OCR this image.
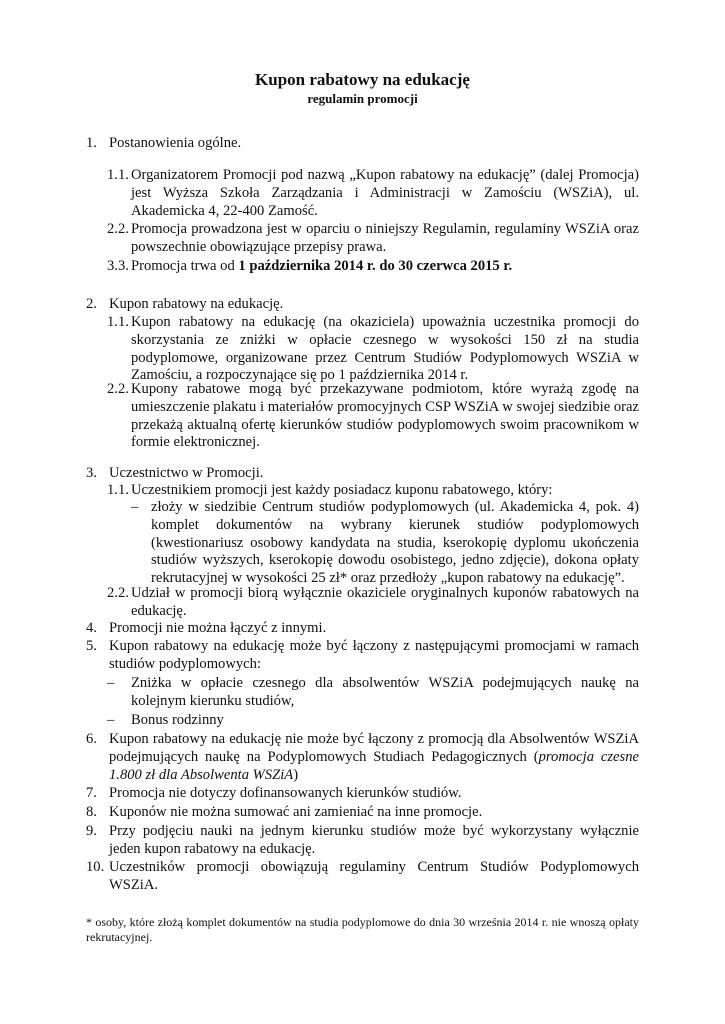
Kupon rabatowy na edukację
regulamin promocji
1. Postanowienia ogólne.
1.1. Organizatorem Promocji pod nazwą „Kupon rabatowy na edukację” (dalej Promocja) jest Wyższa Szkoła Zarządzania i Administracji w Zamościu (WSZiA), ul. Akademicka 4, 22-400 Zamość.
2.2. Promocja prowadzona jest w oparciu o niniejszy Regulamin, regulaminy WSZiA oraz powszechnie obowiązujące przepisy prawa.
3.3. Promocja trwa od 1 października 2014 r. do 30 czerwca 2015 r.
2. Kupon rabatowy na edukację.
1.1. Kupon rabatowy na edukację (na okaziciela) upoważnia uczestnika promocji do skorzystania ze zniżki w opłacie czesnego w wysokości 150 zł na studia podyplomowe, organizowane przez Centrum Studiów Podyplomowych WSZiA w Zamościu, a rozpoczynające się po 1 października 2014 r.
2.2. Kupony rabatowe mogą być przekazywane podmiotom, które wyrażą zgodę na umieszczenie plakatu i materiałów promocyjnych CSP WSZiA w swojej siedzibie oraz przekażą aktualną ofertę kierunków studiów podyplomowych swoim pracownikom w formie elektronicznej.
3. Uczestnictwo w Promocji.
1.1. Uczestnikiem promocji jest każdy posiadacz kuponu rabatowego, który:
– złoży w siedzibie Centrum studiów podyplomowych (ul. Akademicka 4, pok. 4) komplet dokumentów na wybrany kierunek studiów podyplomowych (kwestionariusz osobowy kandydata na studia, kserokopię dyplomu ukończenia studiów wyższych, kserokopię dowodu osobistego, jedno zdjęcie), dokona opłaty rekrutacyjnej w wysokości 25 zł* oraz przedłoży „kupon rabatowy na edukację”.
2.2. Udział w promocji biorą wyłącznie okaziciele oryginalnych kuponów rabatowych na edukację.
4. Promocji nie można łączyć z innymi.
5. Kupon rabatowy na edukację może być łączony z następującymi promocjami w ramach studiów podyplomowych:
– Zniżka w opłacie czesnego dla absolwentów WSZiA podejmujących naukę na kolejnym kierunku studiów,
– Bonus rodzinny
6. Kupon rabatowy na edukację nie może być łączony z promocją dla Absolwentów WSZiA podejmujących naukę na Podyplomowych Studiach Pedagogicznych (promocja czesne 1.800 zł dla Absolwenta WSZiA)
7. Promocja nie dotyczy dofinansowanych kierunków studiów.
8. Kuponów nie można sumować ani zamieniać na inne promocje.
9. Przy podjęciu nauki na jednym kierunku studiów może być wykorzystany wyłącznie jeden kupon rabatowy na edukację.
10. Uczestników promocji obowiązują regulaminy Centrum Studiów Podyplomowych WSZiA.
* osoby, które złożą komplet dokumentów na studia podyplomowe do dnia 30 września 2014 r. nie wnoszą opłaty rekrutacyjnej.
